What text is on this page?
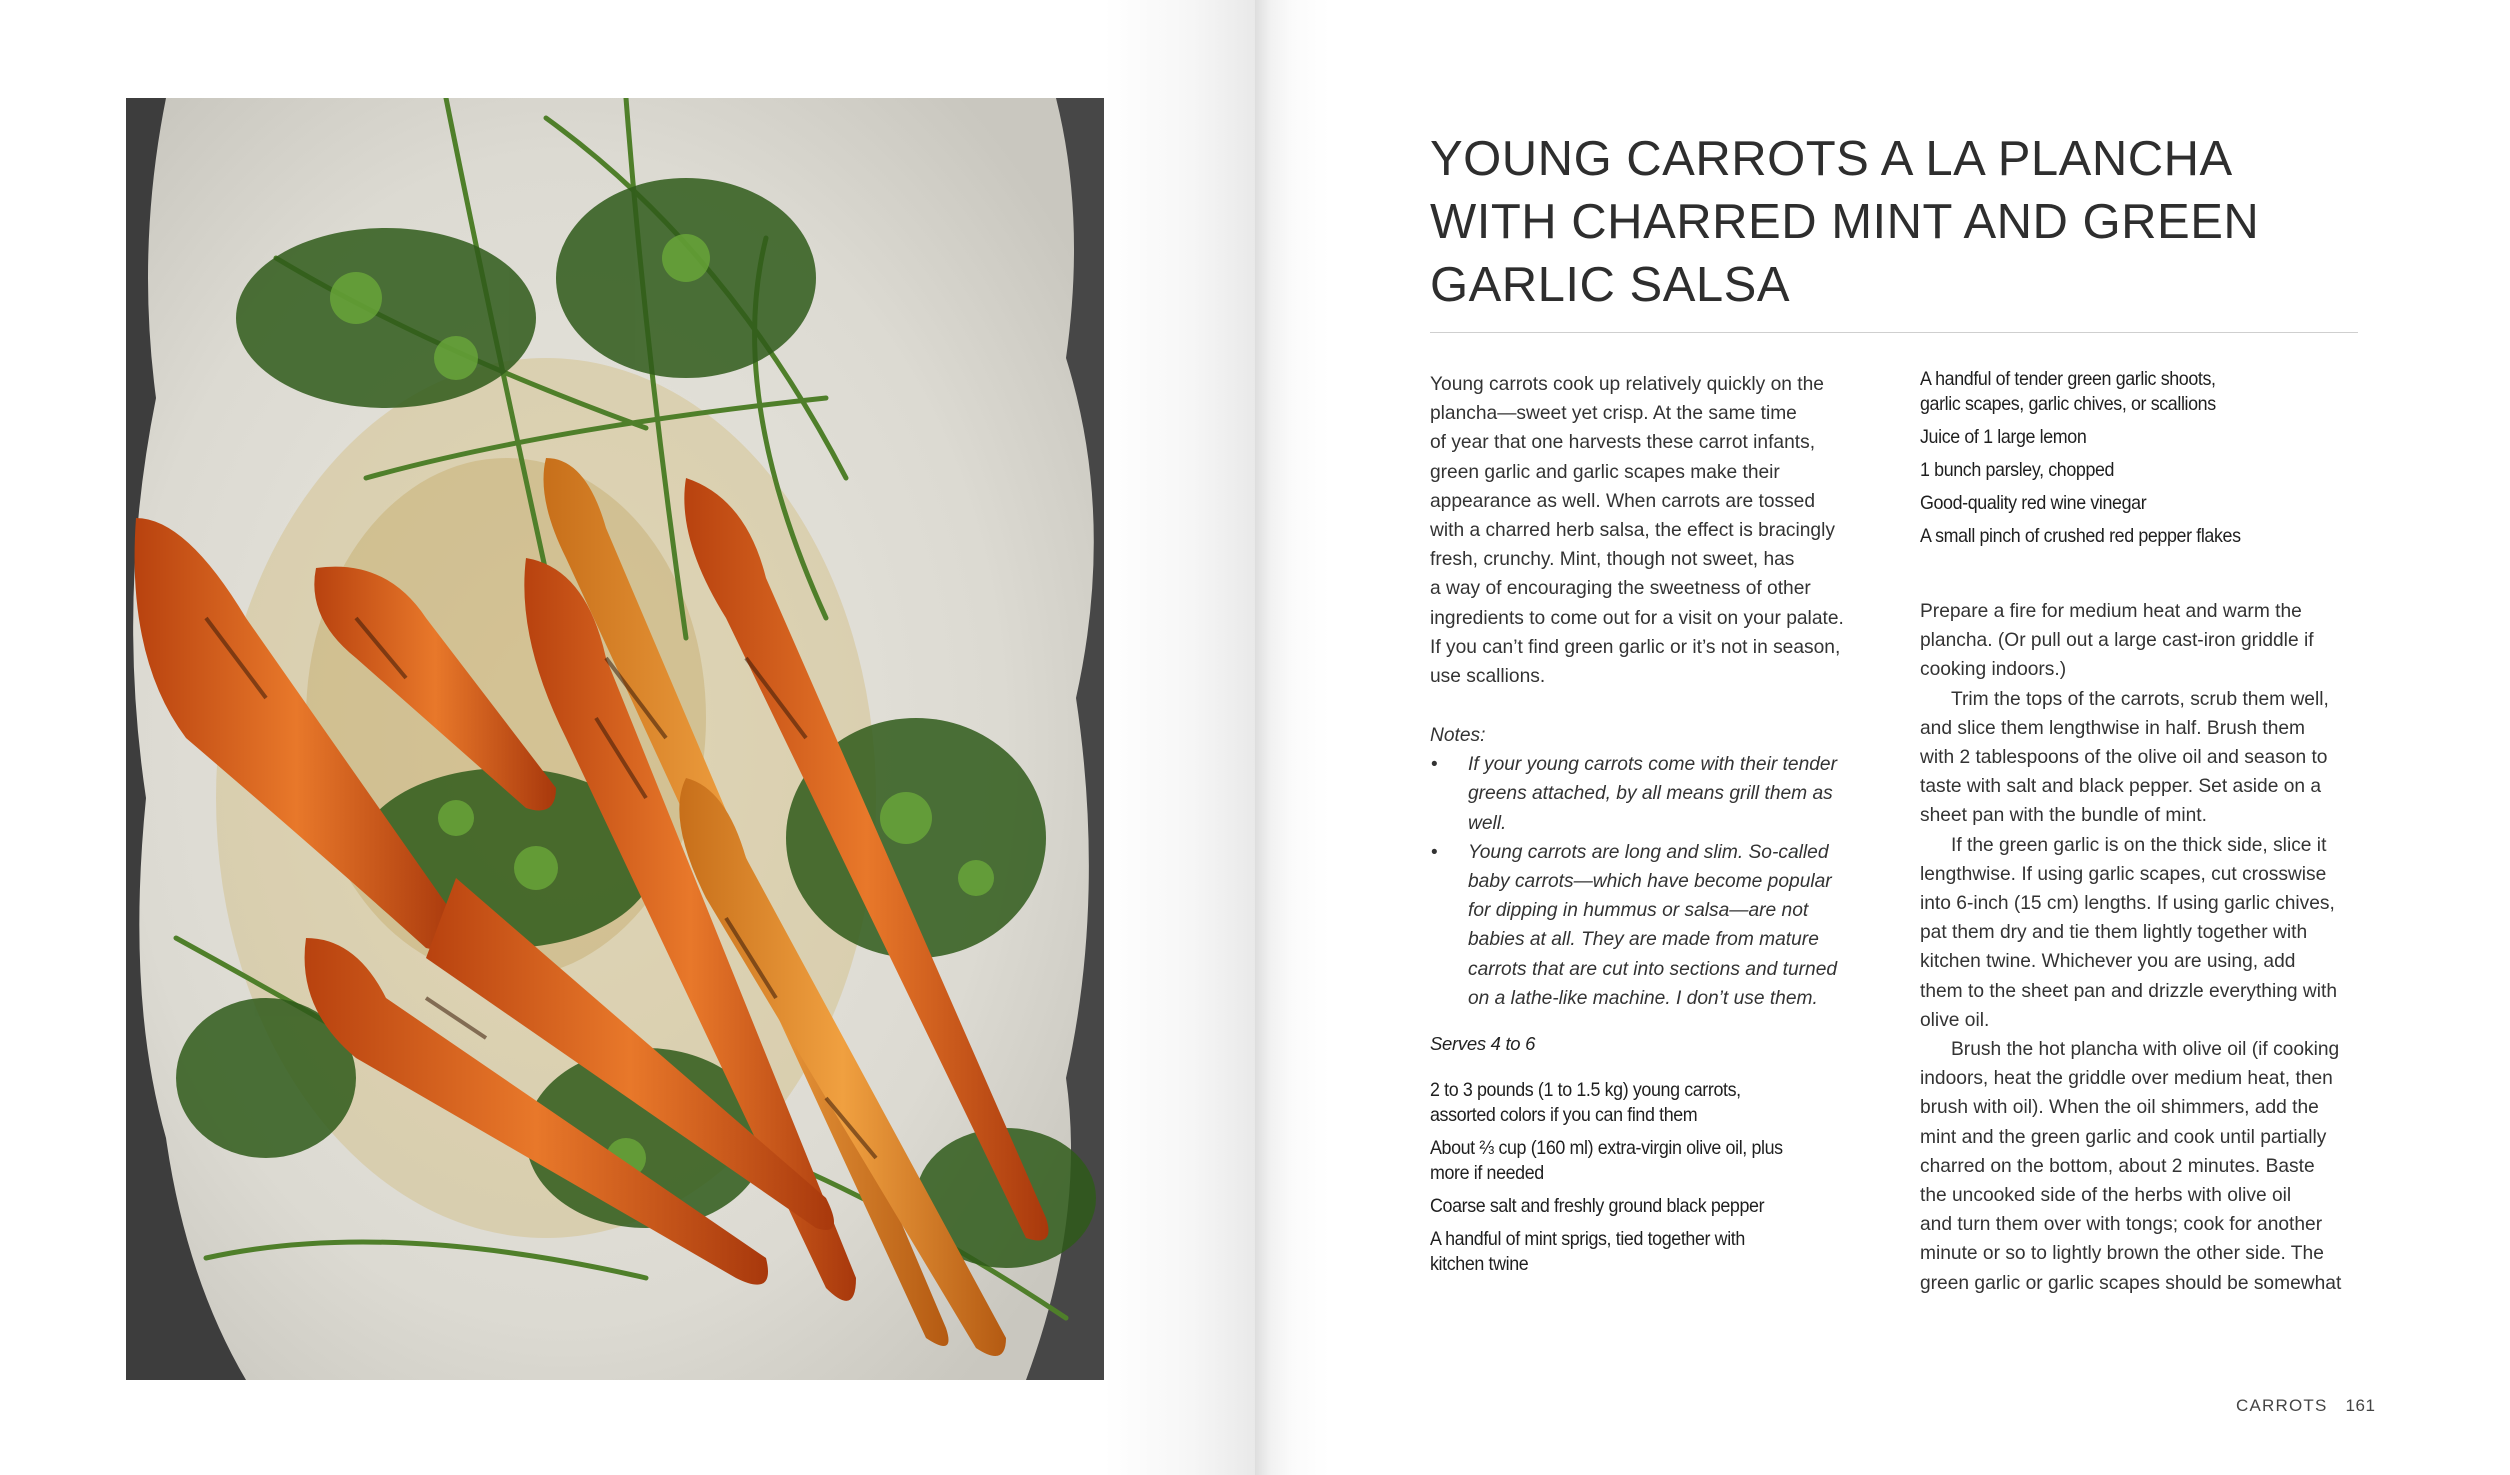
YOUNG CARROTS A LA PLANCHA
WITH CHARRED MINT AND GREEN
GARLIC SALSA

Young carrots cook up relatively quickly on the

plancha—sweet yet crisp. At the same time

of year that one harvests these carrot infants,

green garlic and garlic scapes make their

appearance as well. When carrots are tossed

with a charred herb salsa, the effect is bracingly

fresh, crunchy. Mint, though not sweet, has

a way of encouraging the sweetness of other

ingredients to come out for a visit on your palate.

If you can’t find green garlic or it’s not in season,

use scallions.

Notes:
• If your young carrots come with their tender
greens attached, by all means grill them as
well.
• Young carrots are long and slim. So-called
baby carrots—which have become popular
for dipping in hummus or salsa—are not
babies at all. They are made from mature
carrots that are cut into sections and turned
on a lathe-like machine. I don’t use them.
Serves 4 to 6
2 to 3 pounds (1 to 1.5 kg) young carrots,
assorted colors if you can find them
About ⅔ cup (160 ml) extra-virgin olive oil, plus
more if needed
Coarse salt and freshly ground black pepper
A handful of mint sprigs, tied together with
kitchen twine
A handful of tender green garlic shoots,
garlic scapes, garlic chives, or scallions
Juice of 1 large lemon
1 bunch parsley, chopped
Good-quality red wine vinegar
A small pinch of crushed red pepper flakes

Prepare a fire for medium heat and warm the
plancha. (Or pull out a large cast-iron griddle if
cooking indoors.)

Trim the tops of the carrots, scrub them well,
and slice them lengthwise in half. Brush them
with 2 tablespoons of the olive oil and season to
taste with salt and black pepper. Set aside on a
sheet pan with the bundle of mint.

If the green garlic is on the thick side, slice it
lengthwise. If using garlic scapes, cut crosswise
into 6-inch (15 cm) lengths. If using garlic chives,
pat them dry and tie them lightly together with
kitchen twine. Whichever you are using, add
them to the sheet pan and drizzle everything with
olive oil.

Brush the hot plancha with olive oil (if cooking
indoors, heat the griddle over medium heat, then
brush with oil). When the oil shimmers, add the
mint and the green garlic and cook until partially
charred on the bottom, about 2 minutes. Baste
the uncooked side of the herbs with olive oil
and turn them over with tongs; cook for another
minute or so to lightly brown the other side. The
green garlic or garlic scapes should be somewhat

CARROTS 161
